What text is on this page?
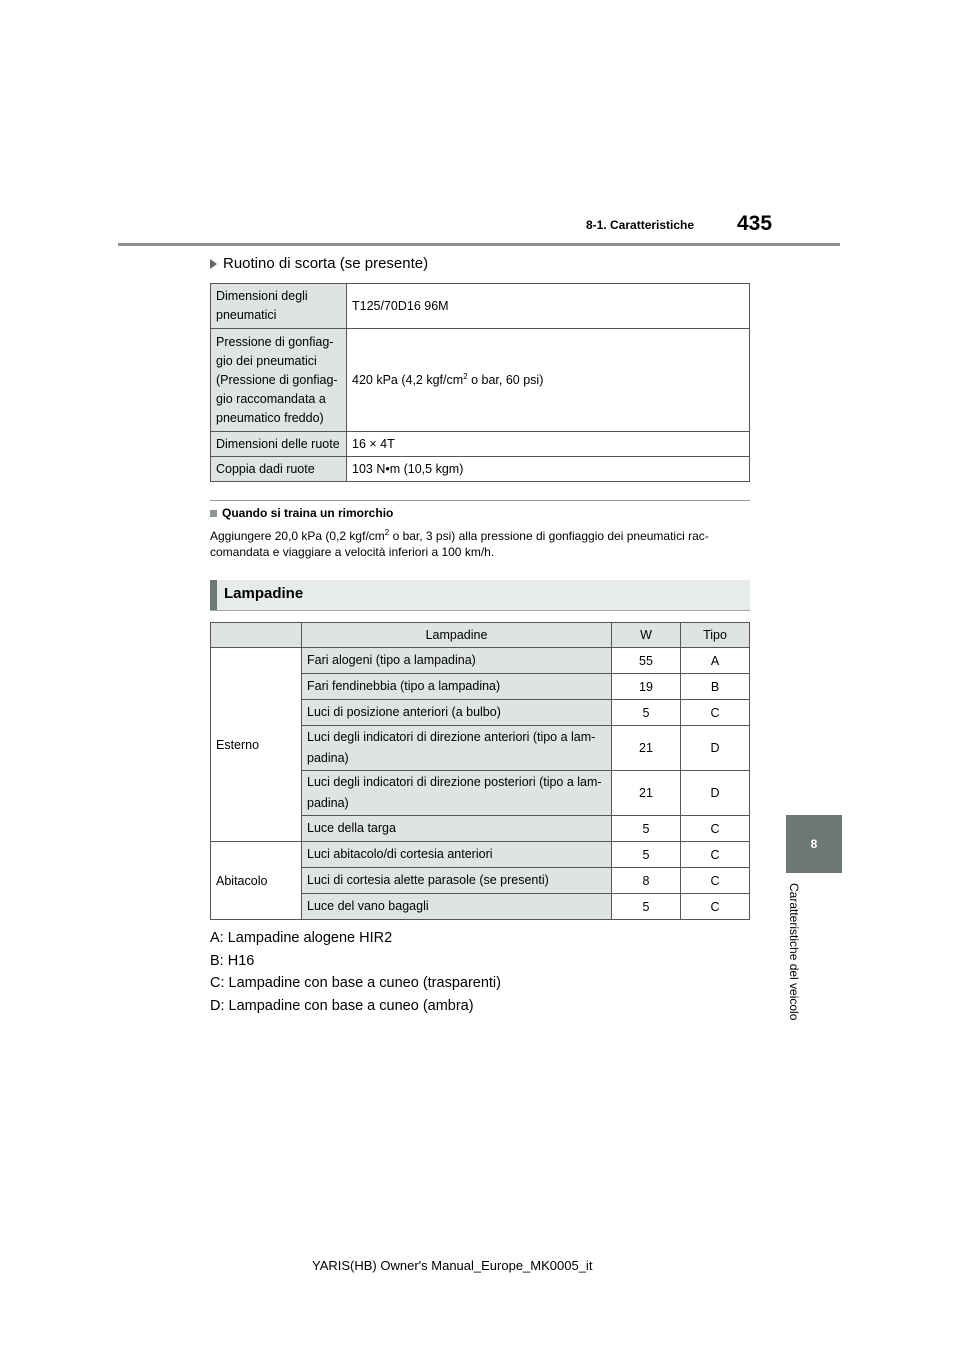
8-1. Caratteristiche 435
8
Caratteristiche del veicolo
Ruotino di scorta (se presente)
Dimensioni degli
pneumatici	T125/70D16 96M

Pressione di gonfiag-
gio dei pneumatici
(Pressione di gonfiag-
gio raccomandata a
pneumatico freddo)	420 kPa (4,2 kgf/$cm^2$ o bar, 60 psi)

Dimensioni delle ruote	16 × 4T

Coppia dadi ruote	103 N•m (10,5 kgm)
Quando si traina un rimorchio
Aggiungere 20,0 kPa (0,2 kgf/$cm^2$ o bar, 3 psi) alla pressione di gonfiaggio dei pneumatici rac-
comandata e viaggiare a velocità inferiori a 100 km/h.
Lampadine
	Lampadine	W	Tipo
Esterno	Fari alogeni (tipo a lampadina)	55	A

	Fari fendinebbia (tipo a lampadina)	19	B

	Luci di posizione anteriori (a bulbo)	5	C

	Luci degli indicatori di direzione anteriori (tipo a lam-
padina)	21	D

	Luci degli indicatori di direzione posteriori (tipo a lam-
padina)	21	D

	Luce della targa	5	C
Abitacolo	Luci abitacolo/di cortesia anteriori	5	C

	Luci di cortesia alette parasole (se presenti)	8	C

	Luce del vano bagagli	5	C
A: Lampadine alogene HIR2
B: H16
C: Lampadine con base a cuneo (trasparenti)
D: Lampadine con base a cuneo (ambra)
YARIS(HB) Owner's Manual_Europe_MK0005_it
